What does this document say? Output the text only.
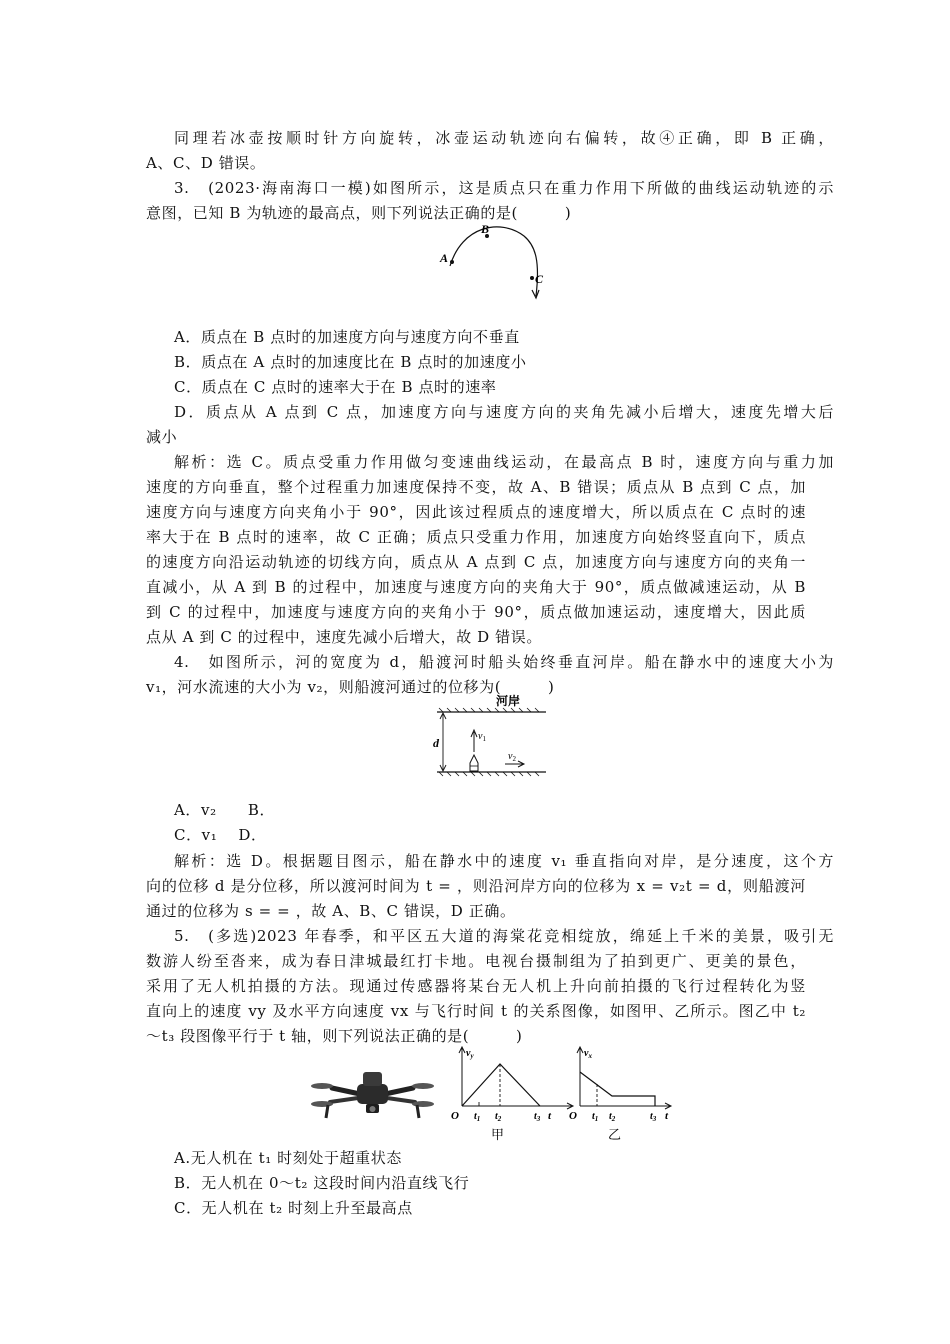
同理若冰壶按顺时针方向旋转，冰壶运动轨迹向右偏转，故④正确，即 B 正确，
A、C、D 错误。
3.　(2023·海南海口一模)如图所示，这是质点只在重力作用下所做的曲线运动轨迹的示
意图，已知 B 为轨迹的最高点，则下列说法正确的是(　　　)
A
B
C
A．质点在 B 点时的加速度方向与速度方向不垂直
B．质点在 A 点时的加速度比在 B 点时的加速度小
C．质点在 C 点时的速率大于在 B 点时的速率
D．质点从 A 点到 C 点，加速度方向与速度方向的夹角先减小后增大，速度先增大后
减小
解析：选 C。质点受重力作用做匀变速曲线运动，在最高点 B 时，速度方向与重力加
速度的方向垂直，整个过程重力加速度保持不变，故 A、B 错误；质点从 B 点到 C 点，加
速度方向与速度方向夹角小于 90°，因此该过程质点的速度增大，所以质点在 C 点时的速
率大于在 B 点时的速率，故 C 正确；质点只受重力作用，加速度方向始终竖直向下，质点
的速度方向沿运动轨迹的切线方向，质点从 A 点到 C 点，加速度方向与速度方向的夹角一
直减小，从 A 到 B 的过程中，加速度与速度方向的夹角大于 90°，质点做减速运动，从 B
到 C 的过程中，加速度与速度方向的夹角小于 90°，质点做加速运动，速度增大，因此质
点从 A 到 C 的过程中，速度先减小后增大，故 D 错误。
4.　如图所示，河的宽度为 d，船渡河时船头始终垂直河岸。船在静水中的速度大小为
v₁，河水流速的大小为 v₂，则船渡河通过的位移为(　　　)
河岸
d	$v_1$
$v_2$
A．v₂　　B．
C．v₁　 D．
解析：选 D。根据题目图示，船在静水中的速度 v₁ 垂直指向对岸，是分速度，这个方
向的位移 d 是分位移，所以渡河时间为 t = ，则沿河岸方向的位移为 x = v₂t = d，则船渡河
通过的位移为 s = = ，故 A、B、C 错误，D 正确。
5.　(多选)2023 年春季，和平区五大道的海棠花竞相绽放，绵延上千米的美景，吸引无
数游人纷至沓来，成为春日津城最红打卡地。电视台摄制组为了拍到更广、更美的景色，
采用了无人机拍摄的方法。现通过传感器将某台无人机上升向前拍摄的飞行过程转化为竖
直向上的速度 vy 及水平方向速度 vx 与飞行时间 t 的关系图像，如图甲、乙所示。图乙中 t₂
～t₃ 段图像平行于 t 轴，则下列说法正确的是(　　　)
$v_y$
O $t_1$ $t_2$	$t_3$ t
甲
$v_x$
O $t_1$ $t_2$	$t_3$ t
乙
A.无人机在 t₁ 时刻处于超重状态
B．无人机在 0～t₂ 这段时间内沿直线飞行
C．无人机在 t₂ 时刻上升至最高点
